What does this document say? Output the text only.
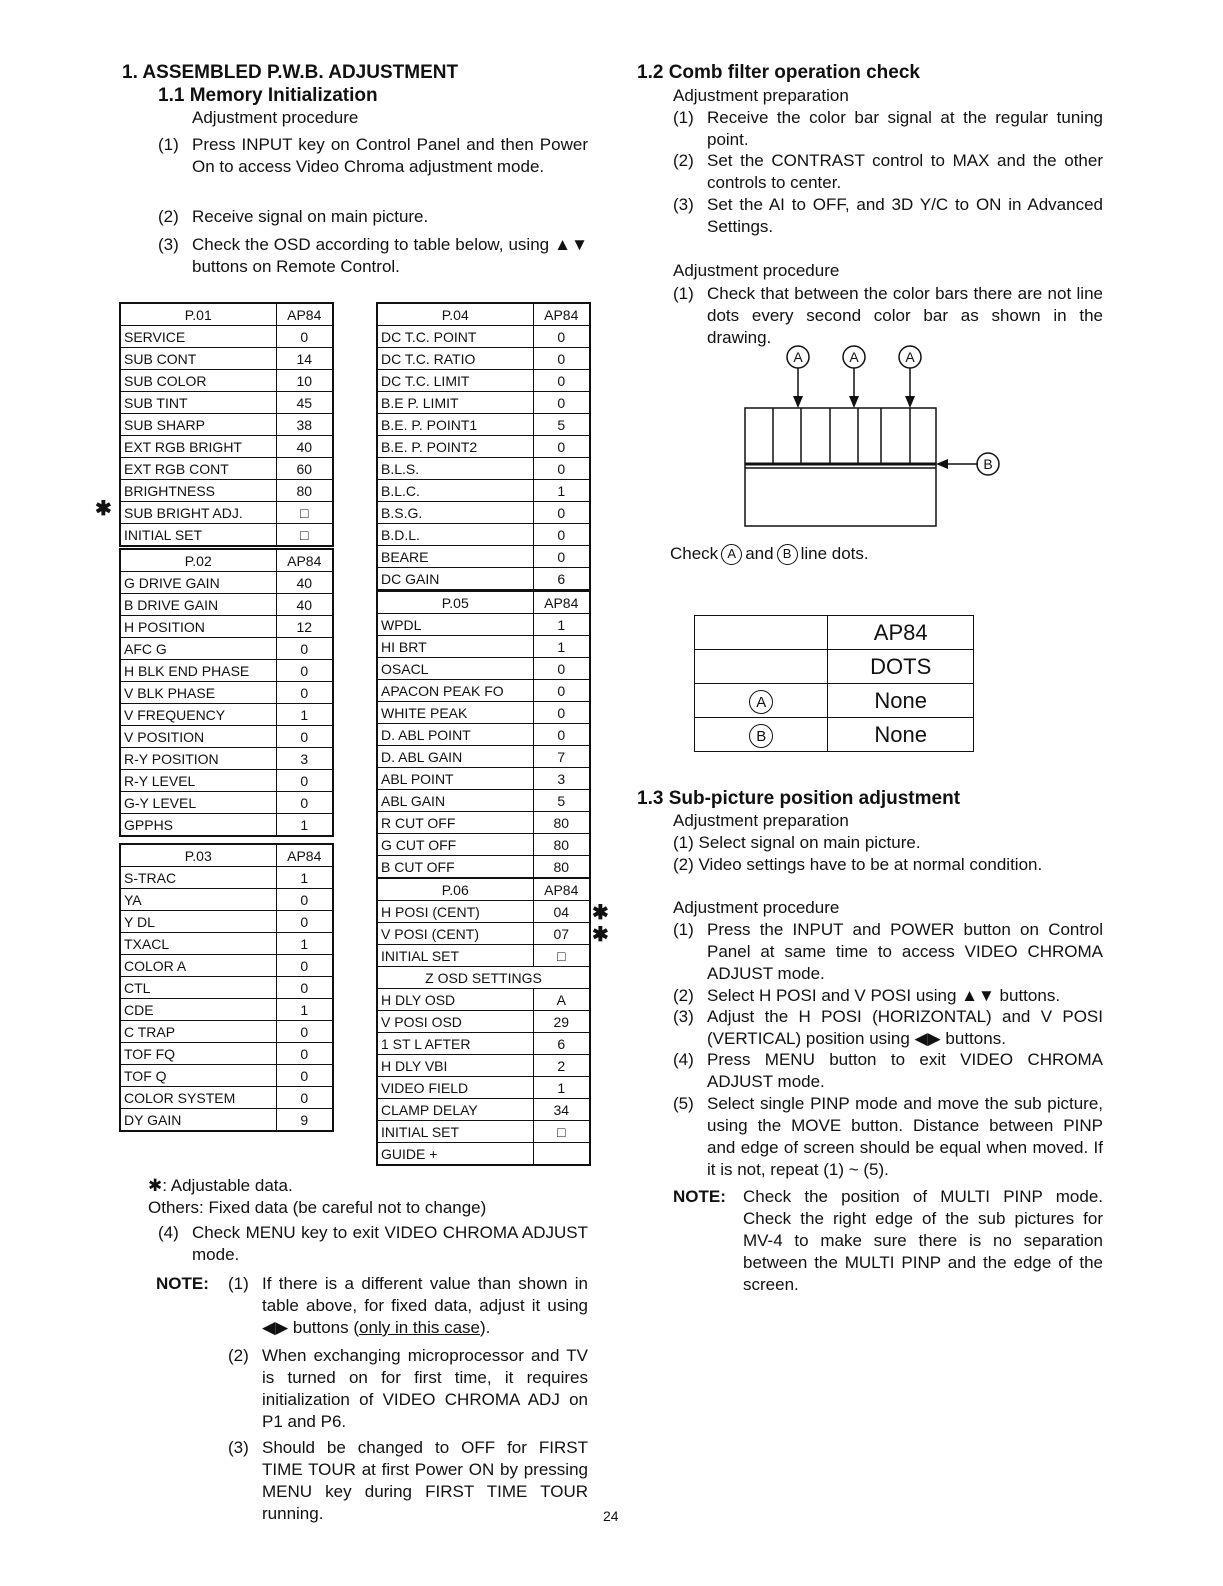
1. ASSEMBLED P.W.B. ADJUSTMENT
1.1 Memory Initialization
Adjustment procedure
(1) Press INPUT key on Control Panel and then Power On to access Video Chroma adjustment mode.
(2) Receive signal on main picture.
(3) Check the OSD according to table below, using ▲▼ buttons on Remote Control.
P.01	AP84
SERVICE	0
SUB CONT	14
SUB COLOR	10
SUB TINT	45
SUB SHARP	38
EXT RGB BRIGHT	40
EXT RGB CONT	60
BRIGHTNESS	80
SUB BRIGHT ADJ.	□
INITIAL SET	□
P.02	AP84
G DRIVE GAIN	40
B DRIVE GAIN	40
H POSITION	12
AFC G	0
H BLK END PHASE	0
V BLK PHASE	0
V FREQUENCY	1
V POSITION	0
R-Y POSITION	3
R-Y LEVEL	0
G-Y LEVEL	0
GPPHS	1
P.03	AP84
S-TRAC	1
YA	0
Y DL	0
TXACL	1
COLOR A	0
CTL	0
CDE	1
C TRAP	0
TOF FQ	0
TOF Q	0
COLOR SYSTEM	0
DY GAIN	9
P.04	AP84
DC T.C. POINT	0
DC T.C. RATIO	0
DC T.C. LIMIT	0
B.E P. LIMIT	0
B.E. P. POINT1	5
B.E. P. POINT2	0
B.L.S.	0
B.L.C.	1
B.S.G.	0
B.D.L.	0
BEARE	0
DC GAIN	6
P.05	AP84
WPDL	1
HI BRT	1
OSACL	0
APACON PEAK FO	0
WHITE PEAK	0
D. ABL POINT	0
D. ABL GAIN	7
ABL POINT	3
ABL GAIN	5
R CUT OFF	80
G CUT OFF	80
B CUT OFF	80
P.06	AP84
H POSI (CENT)	04
V POSI (CENT)	07
INITIAL SET	□
Z OSD SETTINGS	
H DLY OSD	A
V POSI OSD	29
1 ST L AFTER	6
H DLY VBI	2
VIDEO FIELD	1
CLAMP DELAY	34
INITIAL SET	□
GUIDE +	
✱
✱
✱
✱: Adjustable data.
Others: Fixed data (be careful not to change)
(4) Check MENU key to exit VIDEO CHROMA ADJUST mode.
NOTE: (1) If there is a different value than shown in table above, for fixed data, adjust it using ◀▶ buttons (only in this case).
(2) When exchanging microprocessor and TV is turned on for first time, it requires initialization of VIDEO CHROMA ADJ on P1 and P6.
(3) Should be changed to OFF for FIRST TIME TOUR at first Power ON by pressing MENU key during FIRST TIME TOUR running.	24
1.2 Comb filter operation check
Adjustment preparation
(1) Receive the color bar signal at the regular tuning point.
(2) Set the CONTRAST control to MAX and the other controls to center.
(3) Set the AI to OFF, and 3D Y/C to ON in Advanced Settings.
Adjustment procedure
(1) Check that between the color bars there are not line dots every second color bar as shown in the drawing.
A	A	A
B
Check A and B line dots.
	AP84
	DOTS
A	None
B	None
1.3 Sub-picture position adjustment
Adjustment preparation
(1) Select signal on main picture.
(2) Video settings have to be at normal condition.
Adjustment procedure
(1) Press the INPUT and POWER button on Control Panel at same time to access VIDEO CHROMA ADJUST mode.
(2) Select H POSI and V POSI using ▲▼ buttons.
(3) Adjust the H POSI (HORIZONTAL) and V POSI (VERTICAL) position using ◀▶ buttons.
(4) Press MENU button to exit VIDEO CHROMA ADJUST mode.
(5) Select single PINP mode and move the sub picture, using the MOVE button. Distance between PINP and edge of screen should be equal when moved. If it is not, repeat (1) ~ (5).
NOTE: Check the position of MULTI PINP mode. Check the right edge of the sub pictures for MV-4 to make sure there is no separation between the MULTI PINP and the edge of the screen.
